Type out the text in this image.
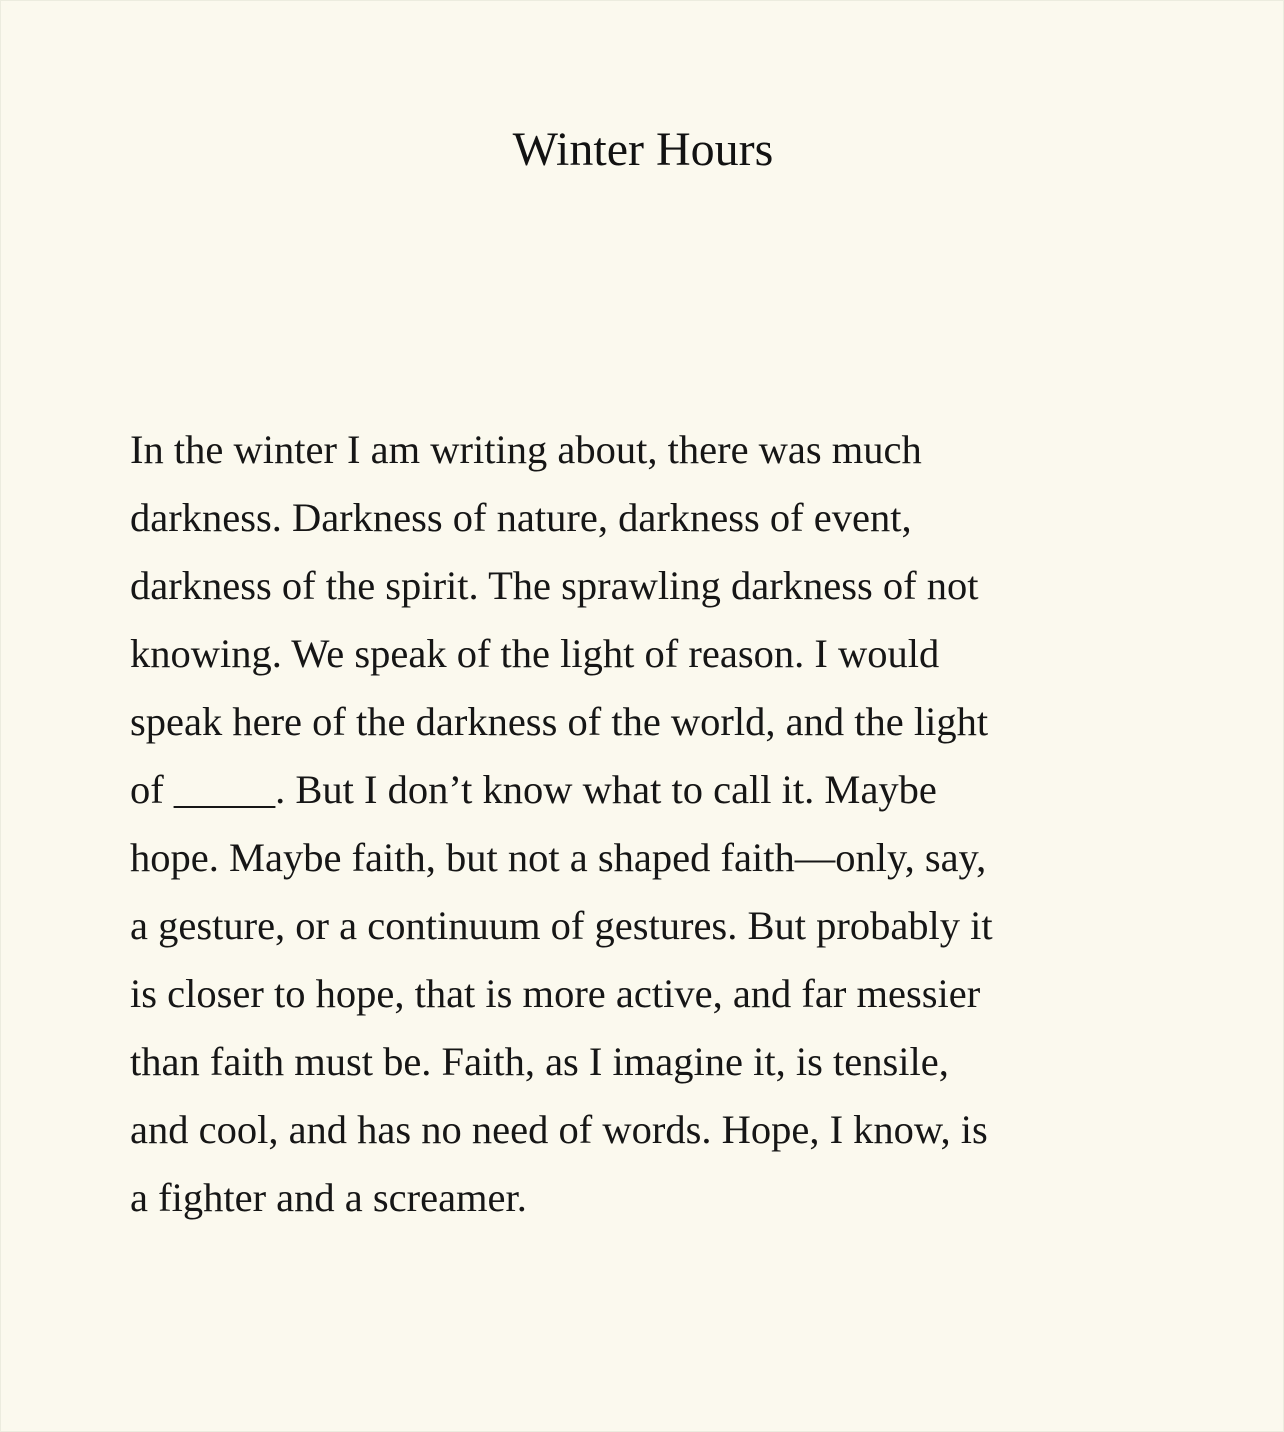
Winter Hours
In the winter I am writing about, there was much
darkness. Darkness of nature, darkness of event,
darkness of the spirit. The sprawling darkness of not
knowing. We speak of the light of reason. I would
speak here of the darkness of the world, and the light
of _____. But I don’t know what to call it. Maybe
hope. Maybe faith, but not a shaped faith—only, say,
a gesture, or a continuum of gestures. But probably it
is closer to hope, that is more active, and far messier
than faith must be. Faith, as I imagine it, is tensile,
and cool, and has no need of words. Hope, I know, is
a fighter and a screamer.
